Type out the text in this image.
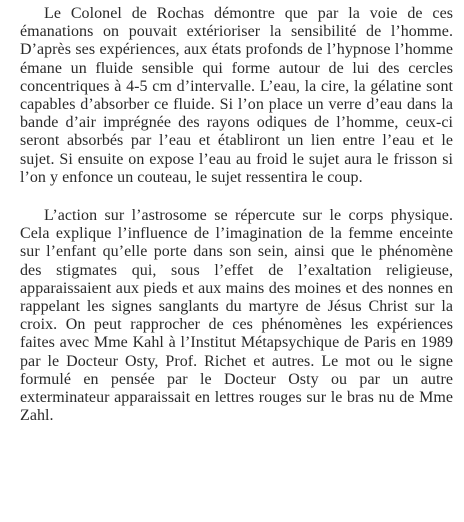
Le Colonel de Rochas démontre que par la voie de ces émanations on pouvait extérioriser la sensibilité de l’homme. D’après ses expériences, aux états profonds de l’hypnose l’homme émane un fluide sensible qui forme autour de lui des cercles concentriques à 4-5 cm d’intervalle. L’eau, la cire, la gélatine sont capables d’absorber ce fluide. Si l’on place un verre d’eau dans la bande d’air imprégnée des rayons odiques de l’homme, ceux-ci seront absorbés par l’eau et établiront un lien entre l’eau et le sujet. Si ensuite on expose l’eau au froid le sujet aura le frisson si l’on y enfonce un couteau, le sujet ressentira le coup.

L’action sur l’astrosome se répercute sur le corps physique. Cela explique l’influence de l’imagination de la femme enceinte sur l’enfant qu’elle porte dans son sein, ainsi que le phénomène des stigmates qui, sous l’effet de l’exaltation religieuse, apparaissaient aux pieds et aux mains des moines et des nonnes en rappelant les signes sanglants du martyre de Jésus Christ sur la croix. On peut rapprocher de ces phénomènes les expériences faites avec Mme Kahl à l’Institut Métapsychique de Paris en 1989 par le Docteur Osty, Prof. Richet et autres. Le mot ou le signe formulé en pensée par le Docteur Osty ou par un autre exterminateur apparaissait en lettres rouges sur le bras nu de Mme Zahl.
